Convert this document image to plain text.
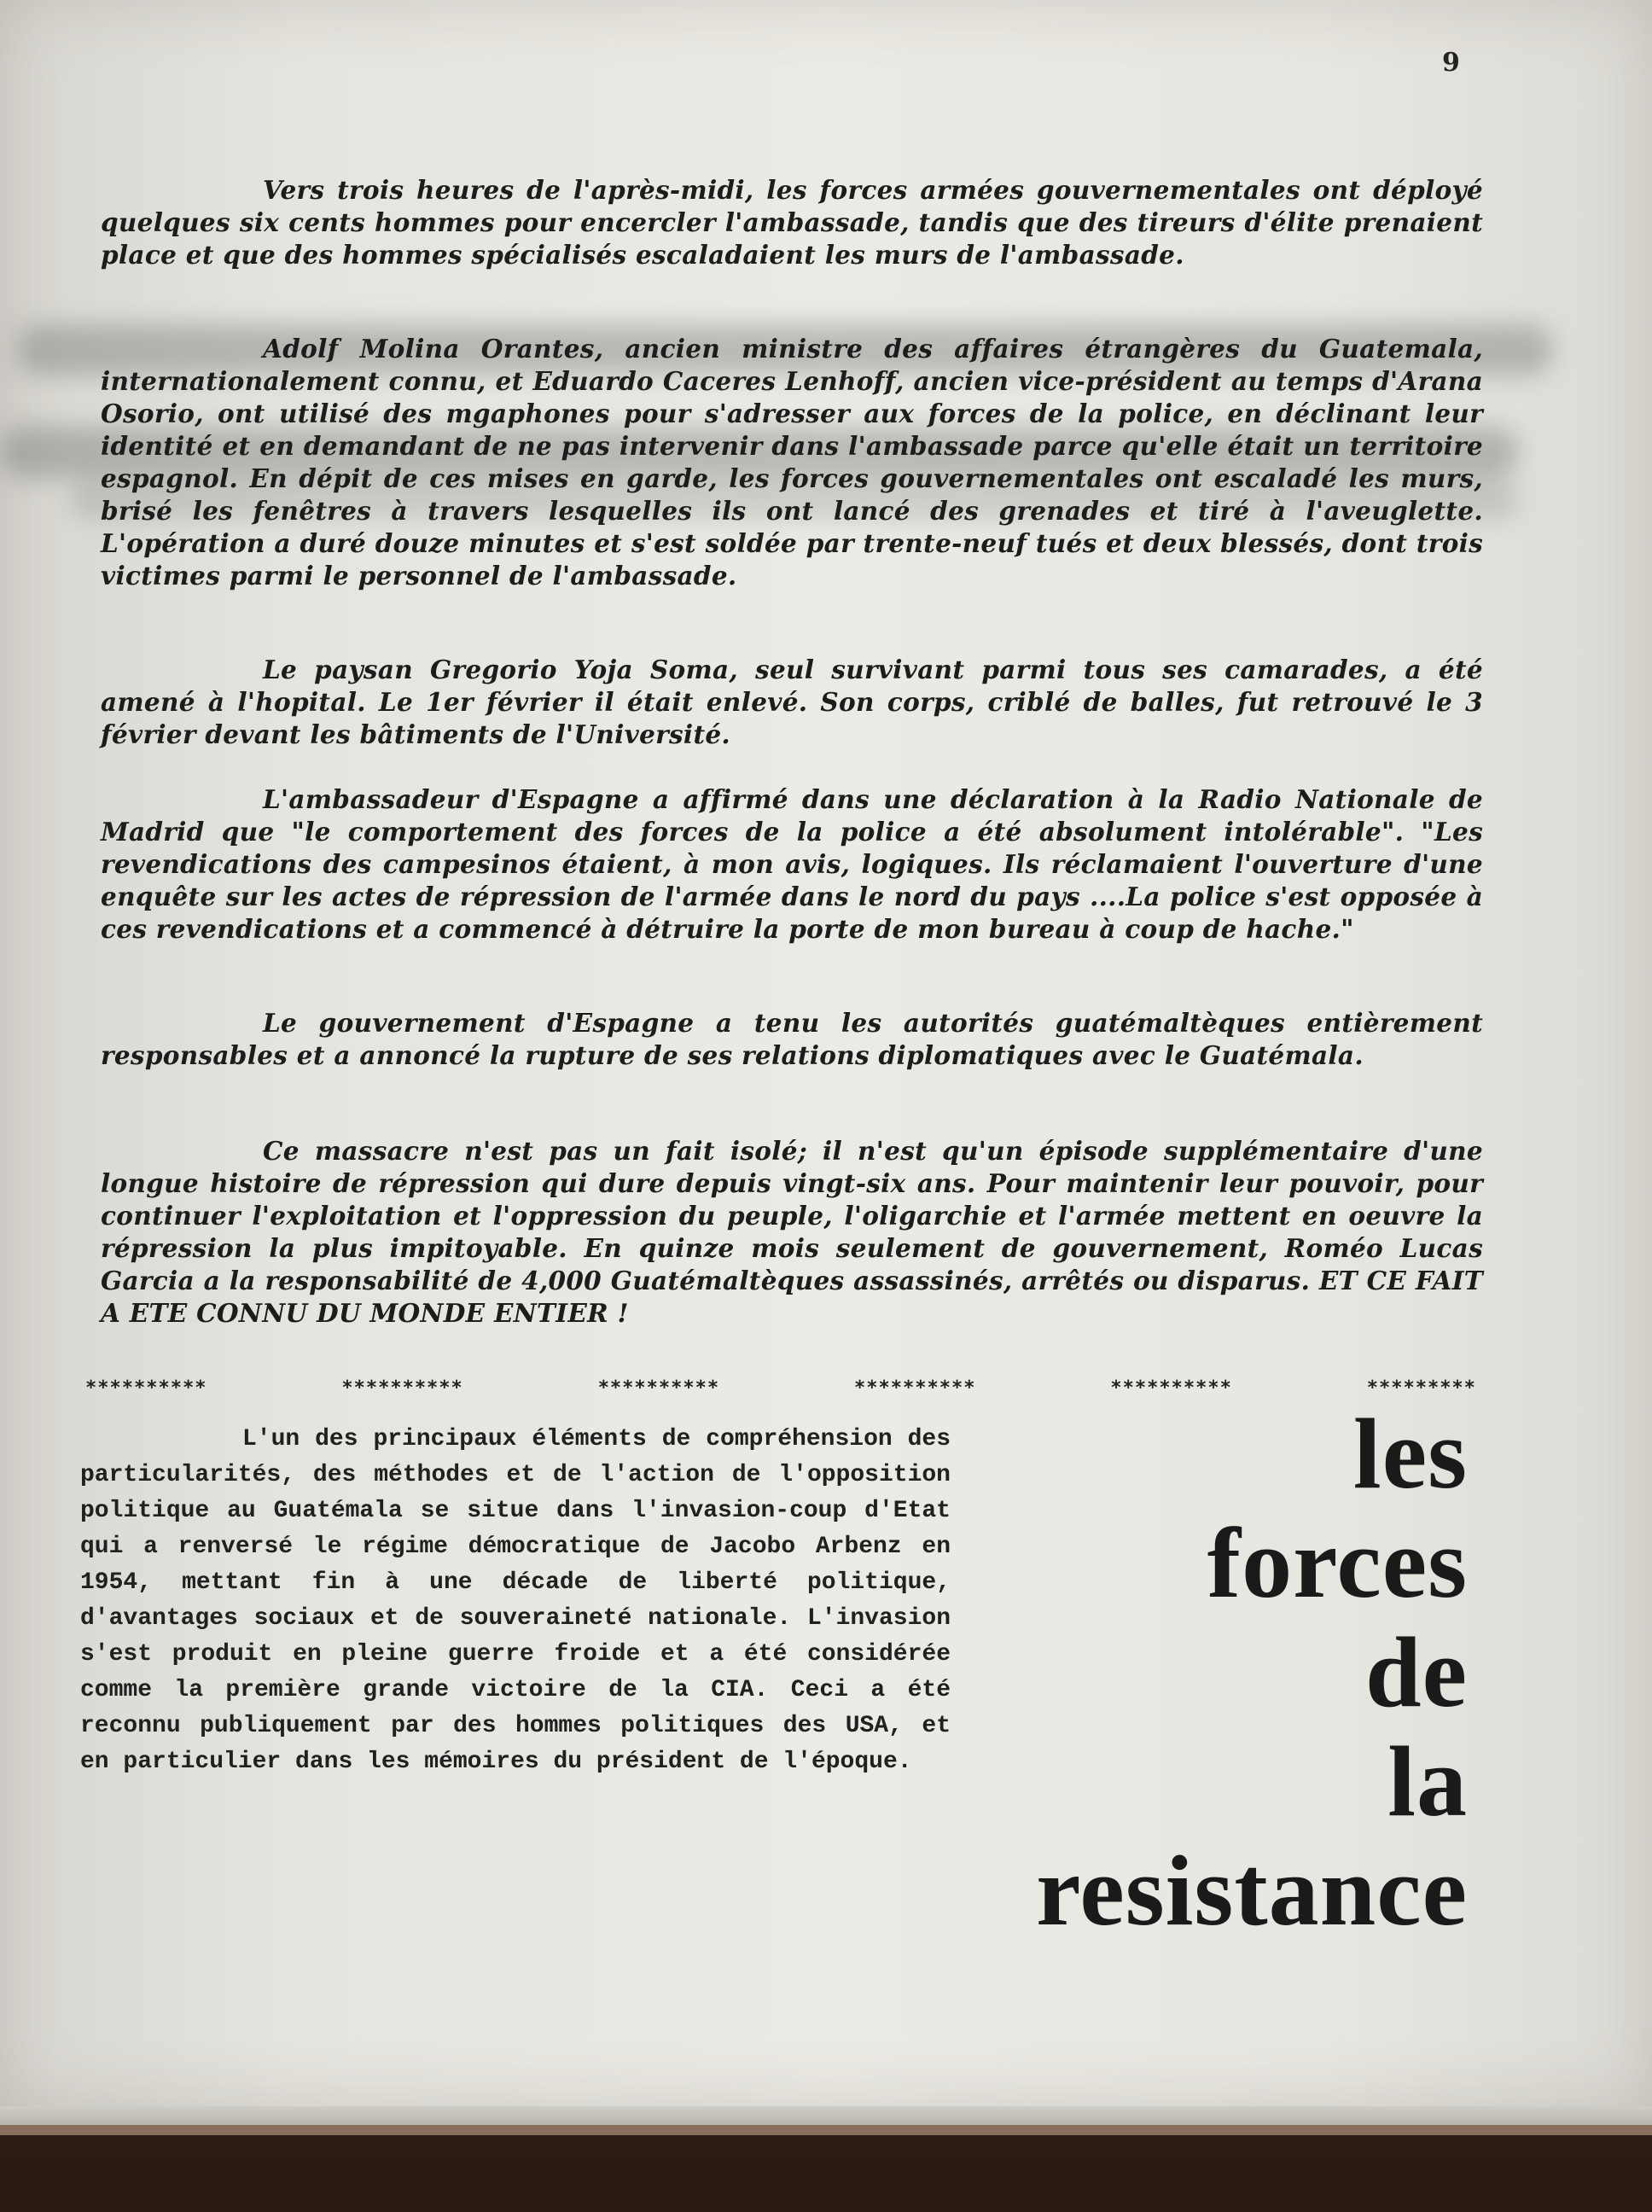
9

Vers trois heures de l'après-midi, les forces armées gouvernementales ont déployé quelques six cents hommes pour encercler l'ambassade, tandis que des tireurs d'élite prenaient place et que des hommes spécialisés escaladaient les murs de l'ambassade.

Adolf Molina Orantes, ancien ministre des affaires étrangères du Guatemala, internationalement connu, et Eduardo Caceres Lenhoff, ancien vice-président au temps d'Arana Osorio, ont utilisé des mgaphones pour s'adresser aux forces de la police, en déclinant leur identité et en demandant de ne pas intervenir dans l'ambassade parce qu'elle était un territoire espagnol. En dépit de ces mises en garde, les forces gouvernementales ont escaladé les murs, brisé les fenêtres à travers lesquelles ils ont lancé des grenades et tiré à l'aveuglette. L'opération a duré douze minutes et s'est soldée par trente-neuf tués et deux blessés, dont trois victimes parmi le personnel de l'ambassade.

Le paysan Gregorio Yoja Soma, seul survivant parmi tous ses camarades, a été amené à l'hopital. Le 1er février il était enlevé. Son corps, criblé de balles, fut retrouvé le 3 février devant les bâtiments de l'Université.

L'ambassadeur d'Espagne a affirmé dans une déclaration à la Radio Nationale de Madrid que "le comportement des forces de la police a été absolument intolérable". "Les revendications des campesinos étaient, à mon avis, logiques. Ils réclamaient l'ouverture d'une enquête sur les actes de répression de l'armée dans le nord du pays ....La police s'est opposée à ces revendications et a commencé à détruire la porte de mon bureau à coup de hache."

Le gouvernement d'Espagne a tenu les autorités guatémaltèques entièrement responsables et a annoncé la rupture de ses relations diplomatiques avec le Guatémala.

Ce massacre n'est pas un fait isolé; il n'est qu'un épisode supplémentaire d'une longue histoire de répression qui dure depuis vingt-six ans. Pour maintenir leur pouvoir, pour continuer l'exploitation et l'oppression du peuple, l'oligarchie et l'armée mettent en oeuvre la répression la plus impitoyable. En quinze mois seulement de gouvernement, Roméo Lucas Garcia a la responsabilité de 4,000 Guatémaltèques assassinés, arrêtés ou disparus. ET CE FAIT A ETE CONNU DU MONDE ENTIER !

**********	**********	**********	**********	**********	*********

L'un des principaux éléments de compréhension des particularités, des méthodes et de l'action de l'opposition politique au Guatémala se situe dans l'invasion-coup d'Etat qui a renversé le régime démocratique de Jacobo Arbenz en 1954, mettant fin à une décade de liberté politique, d'avantages sociaux et de souveraineté nationale. L'invasion s'est produit en pleine guerre froide et a été considérée comme la première grande victoire de la CIA. Ceci a été reconnu publiquement par des hommes politiques des USA, et en particulier dans les mémoires du président de l'époque.

les
forces
de
la
resistance
